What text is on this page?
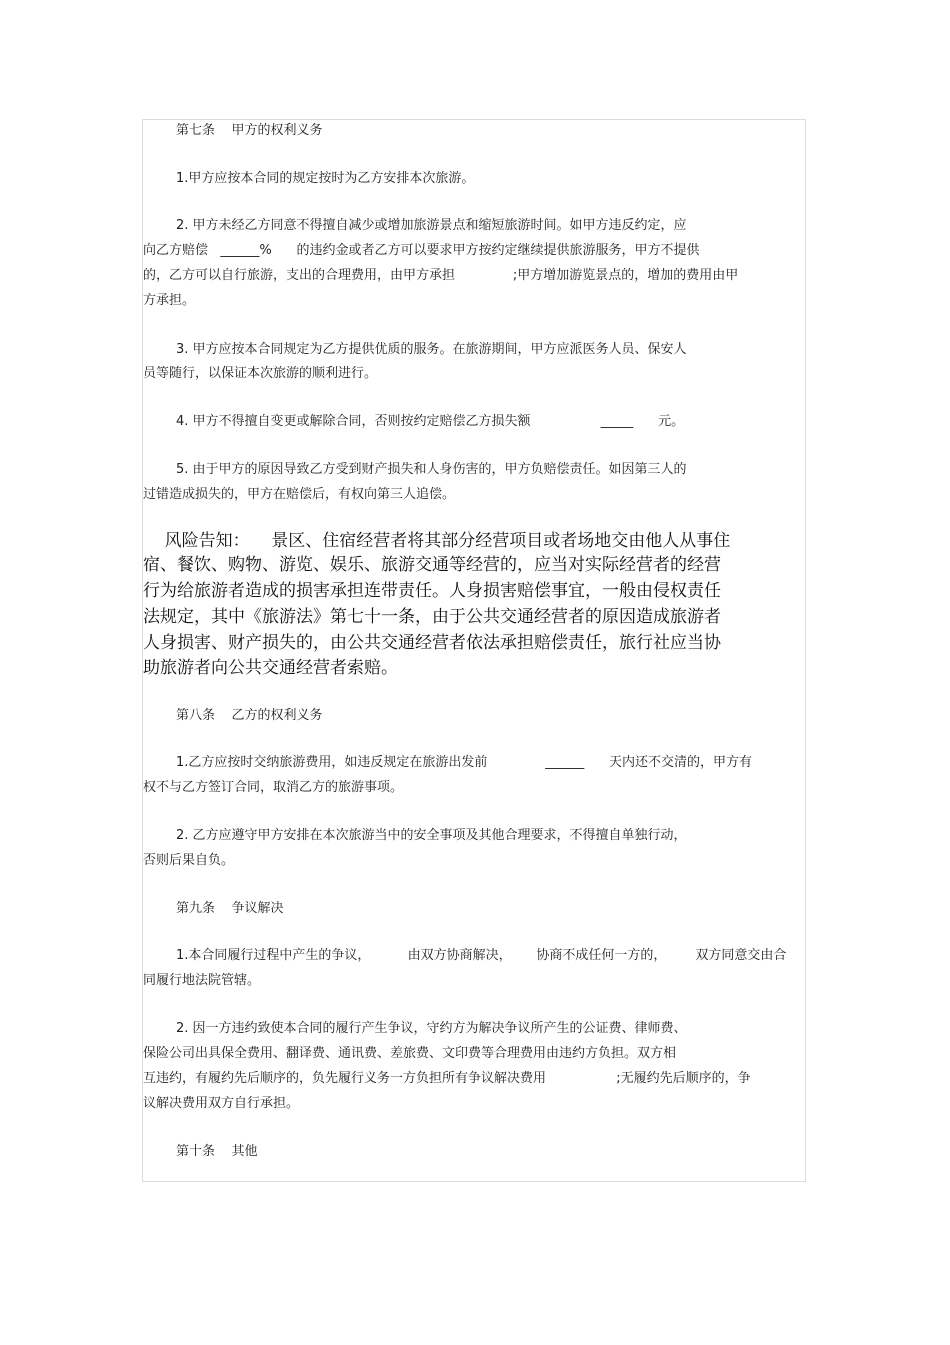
第七条    甲方的权利义务
1.甲方应按本合同的规定按时为乙方安排本次旅游。
2. 甲方未经乙方同意不得擅自减少或增加旅游景点和缩短旅游时间。如甲方违反约定，应
向乙方赔偿   ______%      的违约金或者乙方可以要求甲方按约定继续提供旅游服务，甲方不提供
的，乙方可以自行旅游，支出的合理费用，由甲方承担              ;甲方增加游览景点的，增加的费用由甲
方承担。
3. 甲方应按本合同规定为乙方提供优质的服务。在旅游期间，甲方应派医务人员、保安人
员等随行，以保证本次旅游的顺利进行。
4. 甲方不得擅自变更或解除合同，否则按约定赔偿乙方损失额                 _____      元。
5. 由于甲方的原因导致乙方受到财产损失和人身伤害的，甲方负赔偿责任。如因第三人的
过错造成损失的，甲方在赔偿后，有权向第三人追偿。
风险告知：    景区、住宿经营者将其部分经营项目或者场地交由他人从事住
宿、餐饮、购物、游览、娱乐、旅游交通等经营的，应当对实际经营者的经营
行为给旅游者造成的损害承担连带责任。人身损害赔偿事宜，一般由侵权责任
法规定，其中《旅游法》第七十一条，由于公共交通经营者的原因造成旅游者
人身损害、财产损失的，由公共交通经营者依法承担赔偿责任，旅行社应当协
助旅游者向公共交通经营者索赔。
第八条    乙方的权利义务
1.乙方应按时交纳旅游费用，如违反规定在旅游出发前              ______      天内还不交清的，甲方有
权不与乙方签订合同，取消乙方的旅游事项。
2. 乙方应遵守甲方安排在本次旅游当中的安全事项及其他合理要求，不得擅自单独行动，
否则后果自负。
第九条    争议解决
1.本合同履行过程中产生的争议，         由双方协商解决，      协商不成任何一方的，       双方同意交由合
同履行地法院管辖。
2. 因一方违约致使本合同的履行产生争议，守约方为解决争议所产生的公证费、律师费、
保险公司出具保全费用、翻译费、通讯费、差旅费、文印费等合理费用由违约方负担。双方相
互违约，有履约先后顺序的，负先履行义务一方负担所有争议解决费用                 ;无履约先后顺序的，争
议解决费用双方自行承担。
第十条    其他
